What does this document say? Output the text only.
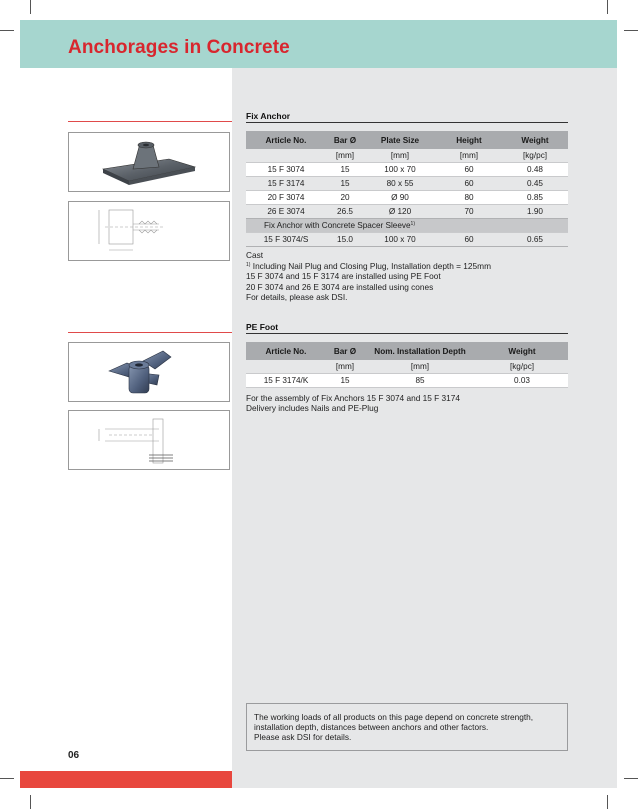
Anchorages in Concrete
Fix Anchor
Article No.	Bar Ø	Plate Size	Height	Weight
	[mm]	[mm]	[mm]	[kg/pc]
15 F 3074	15	100 x 70	60	0.48
15 F 3174	15	80 x 55	60	0.45
20 F 3074	20	Ø 90	80	0.85
26 E 3074	26.5	Ø 120	70	1.90
Fix Anchor with Concrete Spacer Sleeve$^{1)}$
15 F 3074/S	15.0	100 x 70	60	0.65
Cast
$^{1)}$ Including Nail Plug and Closing Plug, Installation depth = 125mm
15 F 3074 and 15 F 3174 are installed using PE Foot
20 F 3074 and 26 E 3074 are installed using cones
For details, please ask DSI.
PE Foot
Article No.	Bar Ø	Nom. Installation Depth	Weight
	[mm]	[mm]	[kg/pc]
15 F 3174/K	15	85	0.03
For the assembly of Fix Anchors 15 F 3074 and 15 F 3174
Delivery includes Nails and PE-Plug
The working loads of all products on this page depend on concrete strength,
installation depth, distances between anchors and other factors.
Please ask DSI for details.
06
